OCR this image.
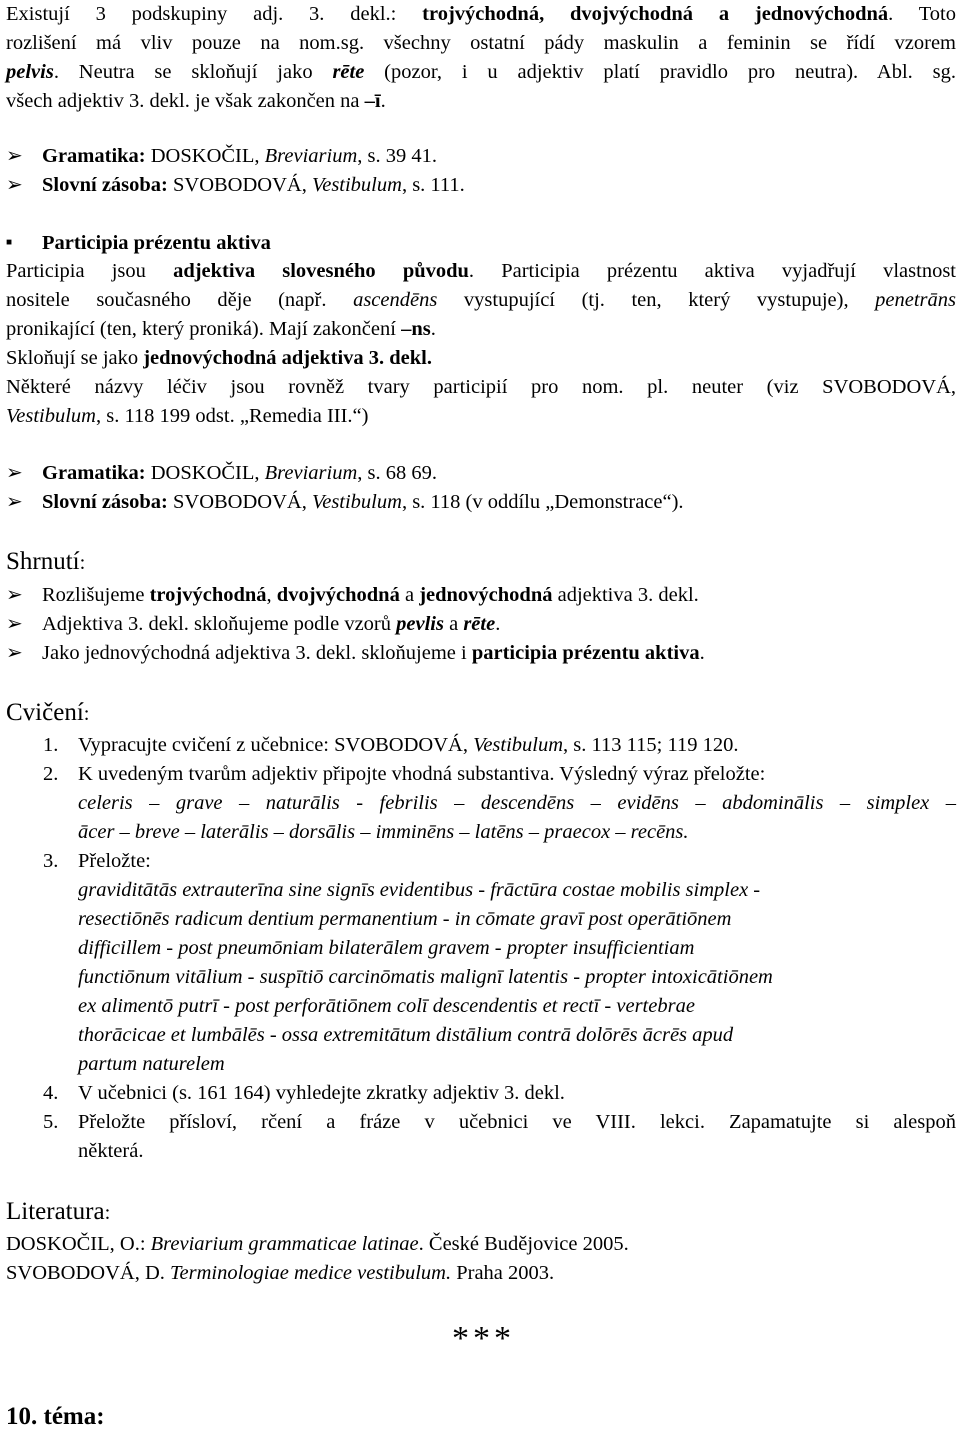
Existují 3 podskupiny adj. 3. dekl.: trojvýchodná, dvojvýchodná a jednovýchodná. Toto
rozlišení má vliv pouze na nom.sg. všechny ostatní pády maskulin a feminin se řídí vzorem
pelvis. Neutra se skloňují jako rēte (pozor, i u adjektiv platí pravidlo pro neutra). Abl. sg.
všech adjektiv 3. dekl. je však zakončen na –ī.
➢ Gramatika: DOSKOČIL, Breviarium, s. 39 41.
➢ Slovní zásoba: SVOBODOVÁ, Vestibulum, s. 111.
■ Participia prézentu aktiva
Participia jsou adjektiva slovesného původu. Participia prézentu aktiva vyjadřují vlastnost
nositele současného děje (např. ascendēns vystupující (tj. ten, který vystupuje), penetrāns
pronikající (ten, který proniká). Mají zakončení –ns.
Skloňují se jako jednovýchodná adjektiva 3. dekl.
Některé názvy léčiv jsou rovněž tvary participií pro nom. pl. neuter (viz SVOBODOVÁ,
Vestibulum, s. 118 199 odst. „Remedia III.“)
➢ Gramatika: DOSKOČIL, Breviarium, s. 68 69.
➢ Slovní zásoba: SVOBODOVÁ, Vestibulum, s. 118 (v oddílu „Demonstrace“).
Shrnutí:
➢ Rozlišujeme trojvýchodná, dvojvýchodná a jednovýchodná adjektiva 3. dekl.
➢ Adjektiva 3. dekl. skloňujeme podle vzorů pevlis a rēte.
➢ Jako jednovýchodná adjektiva 3. dekl. skloňujeme i participia prézentu aktiva.
Cvičení:
1. Vypracujte cvičení z učebnice: SVOBODOVÁ, Vestibulum, s. 113 115; 119 120.
2. K uvedeným tvarům adjektiv připojte vhodná substantiva. Výsledný výraz přeložte:
celeris – grave – naturālis - febrilis – descendēns – evidēns – abdominālis – simplex –
ācer – breve – laterālis – dorsālis – imminēns – latēns – praecox – recēns.
3. Přeložte:
graviditātās extrauterīna sine signīs evidentibus - frāctūra costae mobilis simplex -
resectiōnēs radicum dentium permanentium - in cōmate gravī post operātiōnem
difficillem - post pneumōniam bilaterālem gravem - propter insufficientiam
functiōnum vitālium - suspītiō carcinōmatis malignī latentis - propter intoxicātiōnem
ex alimentō putrī - post perforātiōnem colī descendentis et rectī - vertebrae
thorācicae et lumbālēs - ossa extremitātum distālium contrā dolōrēs ācrēs apud
partum naturelem
4. V učebnici (s. 161 164) vyhledejte zkratky adjektiv 3. dekl.
5. Přeložte přísloví, rčení a fráze v učebnici ve VIII. lekci. Zapamatujte si alespoň
některá.
Literatura:
DOSKOČIL, O.: Breviarium grammaticae latinae. České Budějovice 2005.
SVOBODOVÁ, D. Terminologiae medice vestibulum. Praha 2003.
***
10. téma:
